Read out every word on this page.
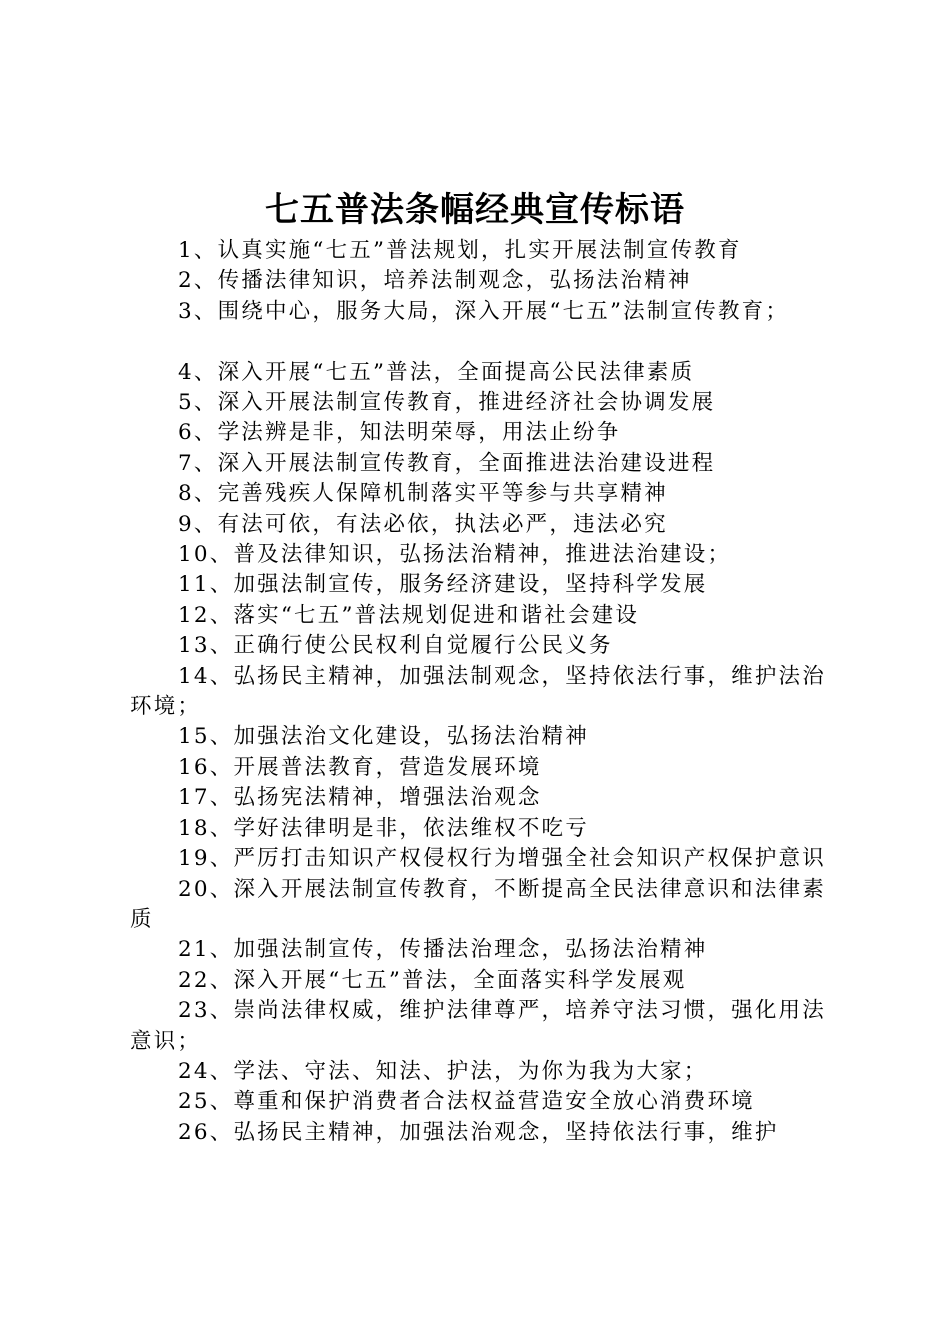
七五普法条幅经典宣传标语

1、认真实施“七五”普法规划，扎实开展法制宣传教育

2、传播法律知识，培养法制观念，弘扬法治精神

3、围绕中心，服务大局，深入开展“七五”法制宣传教育；

4、深入开展“七五”普法，全面提高公民法律素质

5、深入开展法制宣传教育，推进经济社会协调发展

6、学法辨是非，知法明荣辱，用法止纷争

7、深入开展法制宣传教育，全面推进法治建设进程

8、完善残疾人保障机制落实平等参与共享精神

9、有法可依，有法必依，执法必严，违法必究

10、普及法律知识，弘扬法治精神，推进法治建设；

11、加强法制宣传，服务经济建设，坚持科学发展

12、落实“七五”普法规划促进和谐社会建设

13、正确行使公民权利自觉履行公民义务

14、弘扬民主精神，加强法制观念，坚持依法行事，维护法治环境；

15、加强法治文化建设，弘扬法治精神

16、开展普法教育，营造发展环境

17、弘扬宪法精神，增强法治观念

18、学好法律明是非，依法维权不吃亏

19、严厉打击知识产权侵权行为增强全社会知识产权保护意识

20、深入开展法制宣传教育，不断提高全民法律意识和法律素质

21、加强法制宣传，传播法治理念，弘扬法治精神

22、深入开展“七五”普法，全面落实科学发展观

23、崇尚法律权威，维护法律尊严，培养守法习惯，强化用法意识；

24、学法、守法、知法、护法，为你为我为大家；

25、尊重和保护消费者合法权益营造安全放心消费环境

26、弘扬民主精神，加强法治观念，坚持依法行事，维护
